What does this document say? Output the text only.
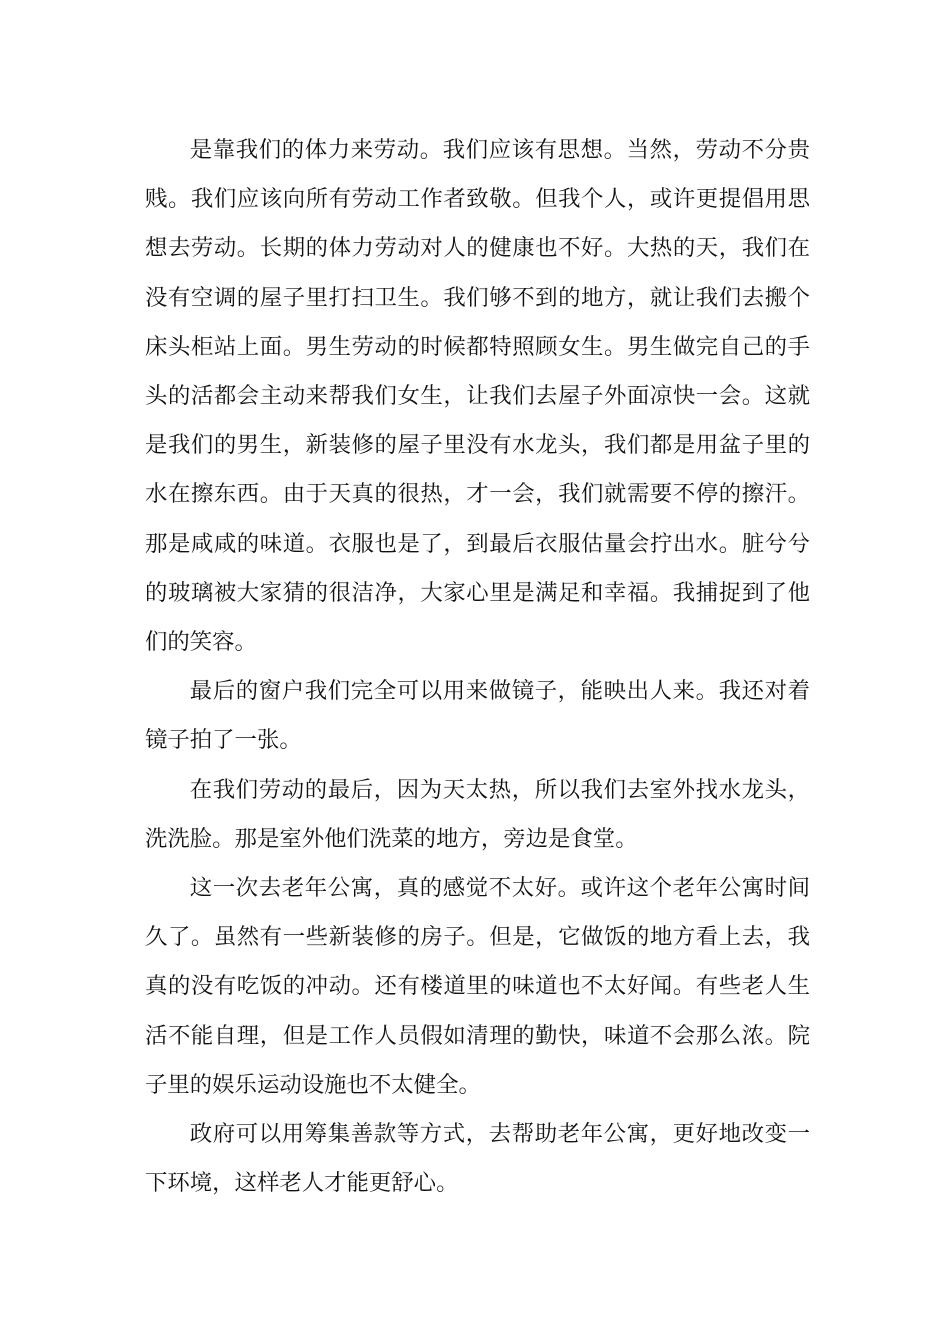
是靠我们的体力来劳动。我们应该有思想。当然，劳动不分贵贱。我们应该向所有劳动工作者致敬。但我个人，或许更提倡用思想去劳动。长期的体力劳动对人的健康也不好。大热的天，我们在没有空调的屋子里打扫卫生。我们够不到的地方，就让我们去搬个床头柜站上面。男生劳动的时候都特照顾女生。男生做完自己的手头的活都会主动来帮我们女生，让我们去屋子外面凉快一会。这就是我们的男生，新装修的屋子里没有水龙头，我们都是用盆子里的水在擦东西。由于天真的很热，才一会，我们就需要不停的擦汗。那是咸咸的味道。衣服也是了，到最后衣服估量会拧出水。脏兮兮的玻璃被大家猜的很洁净，大家心里是满足和幸福。我捕捉到了他们的笑容。

最后的窗户我们完全可以用来做镜子，能映出人来。我还对着镜子拍了一张。

在我们劳动的最后，因为天太热，所以我们去室外找水龙头，洗洗脸。那是室外他们洗菜的地方，旁边是食堂。

这一次去老年公寓，真的感觉不太好。或许这个老年公寓时间久了。虽然有一些新装修的房子。但是，它做饭的地方看上去，我真的没有吃饭的冲动。还有楼道里的味道也不太好闻。有些老人生活不能自理，但是工作人员假如清理的勤快，味道不会那么浓。院子里的娱乐运动设施也不太健全。

政府可以用筹集善款等方式，去帮助老年公寓，更好地改变一下环境，这样老人才能更舒心。
